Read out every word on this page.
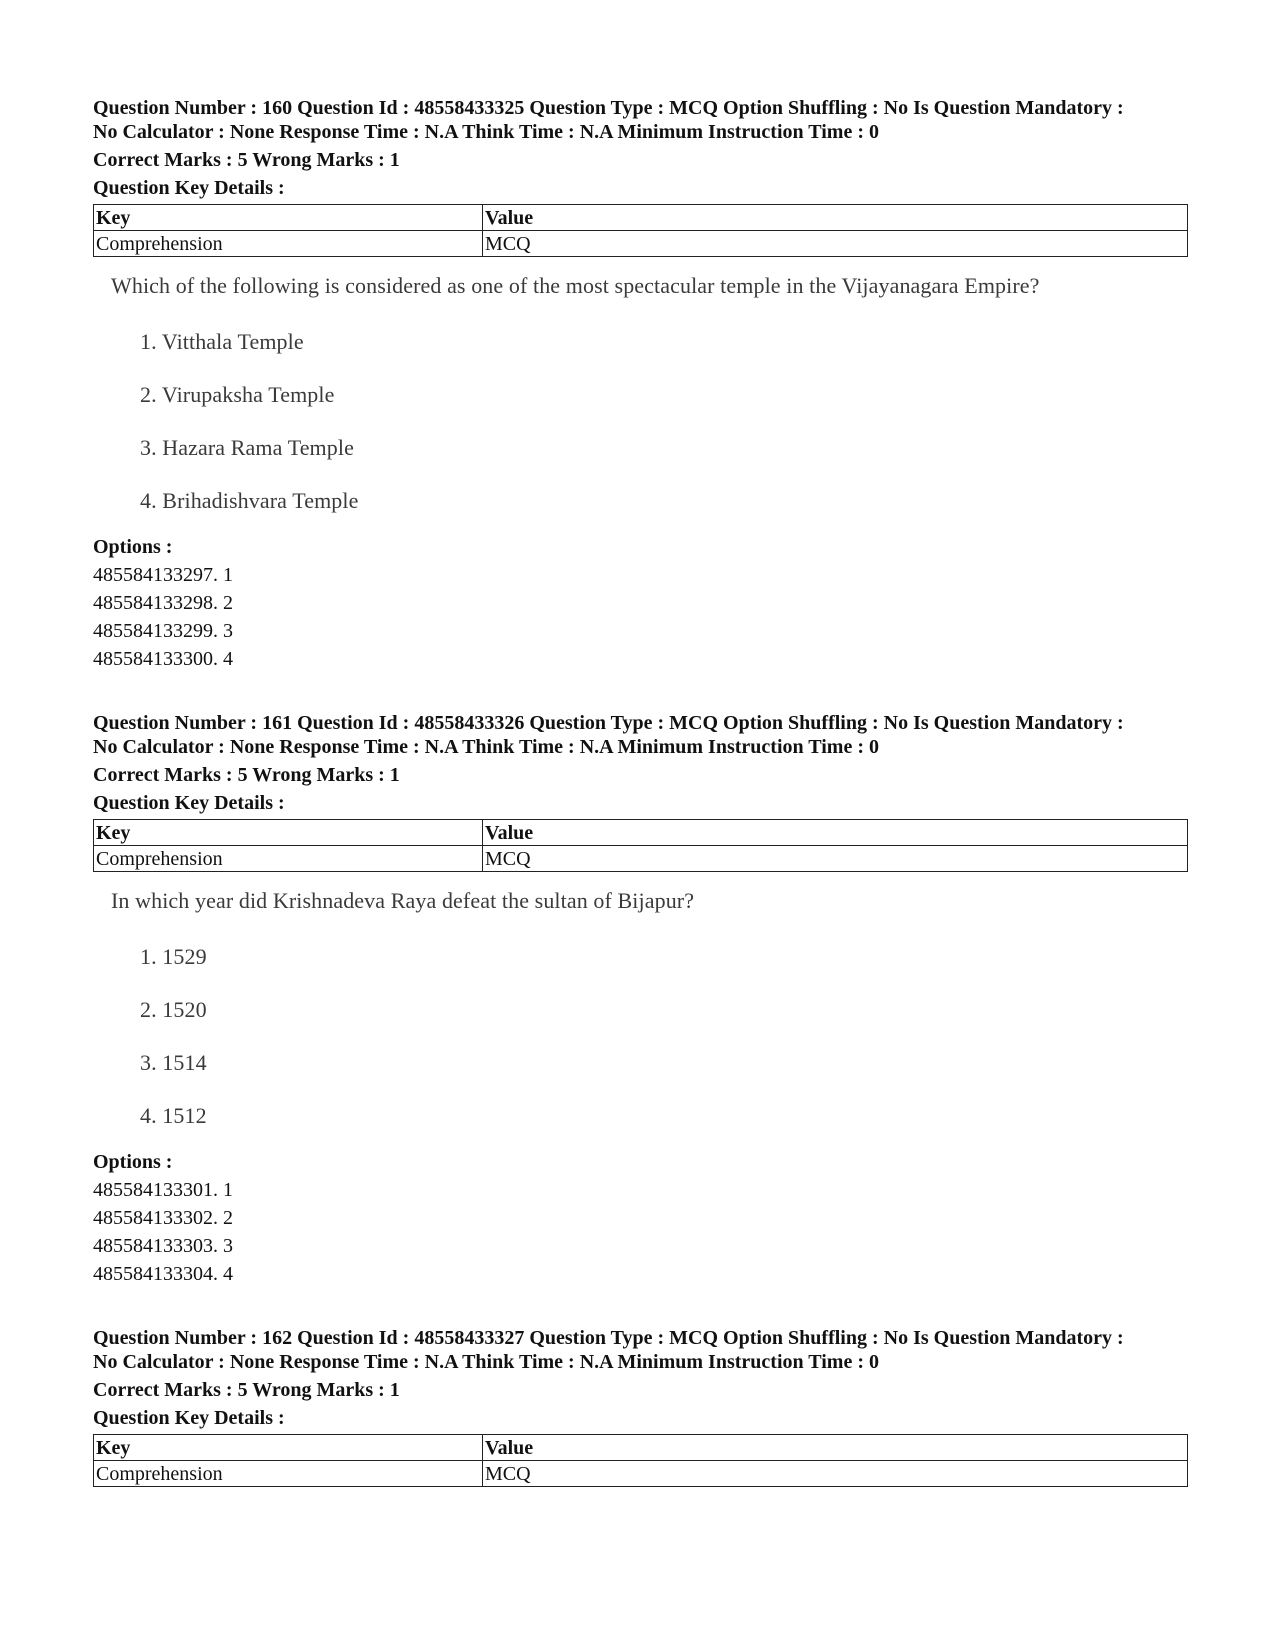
Question Number : 160 Question Id : 48558433325 Question Type : MCQ Option Shuffling : No Is Question Mandatory :
No Calculator : None Response Time : N.A Think Time : N.A Minimum Instruction Time : 0

Correct Marks : 5 Wrong Marks : 1

Question Key Details :

Key	Value
Comprehension	MCQ
Which of the following is considered as one of the most spectacular temple in the Vijayanagara Empire?
1. Vitthala Temple
2. Virupaksha Temple
3. Hazara Rama Temple
4. Brihadishvara Temple
Options :
485584133297. 1
485584133298. 2
485584133299. 3
485584133300. 4

Question Number : 161 Question Id : 48558433326 Question Type : MCQ Option Shuffling : No Is Question Mandatory :
No Calculator : None Response Time : N.A Think Time : N.A Minimum Instruction Time : 0

Correct Marks : 5 Wrong Marks : 1

Question Key Details :

Key	Value
Comprehension	MCQ
In which year did Krishnadeva Raya defeat the sultan of Bijapur?
1. 1529
2. 1520
3. 1514
4. 1512
Options :
485584133301. 1
485584133302. 2
485584133303. 3
485584133304. 4

Question Number : 162 Question Id : 48558433327 Question Type : MCQ Option Shuffling : No Is Question Mandatory :
No Calculator : None Response Time : N.A Think Time : N.A Minimum Instruction Time : 0

Correct Marks : 5 Wrong Marks : 1

Question Key Details :

Key	Value
Comprehension	MCQ
